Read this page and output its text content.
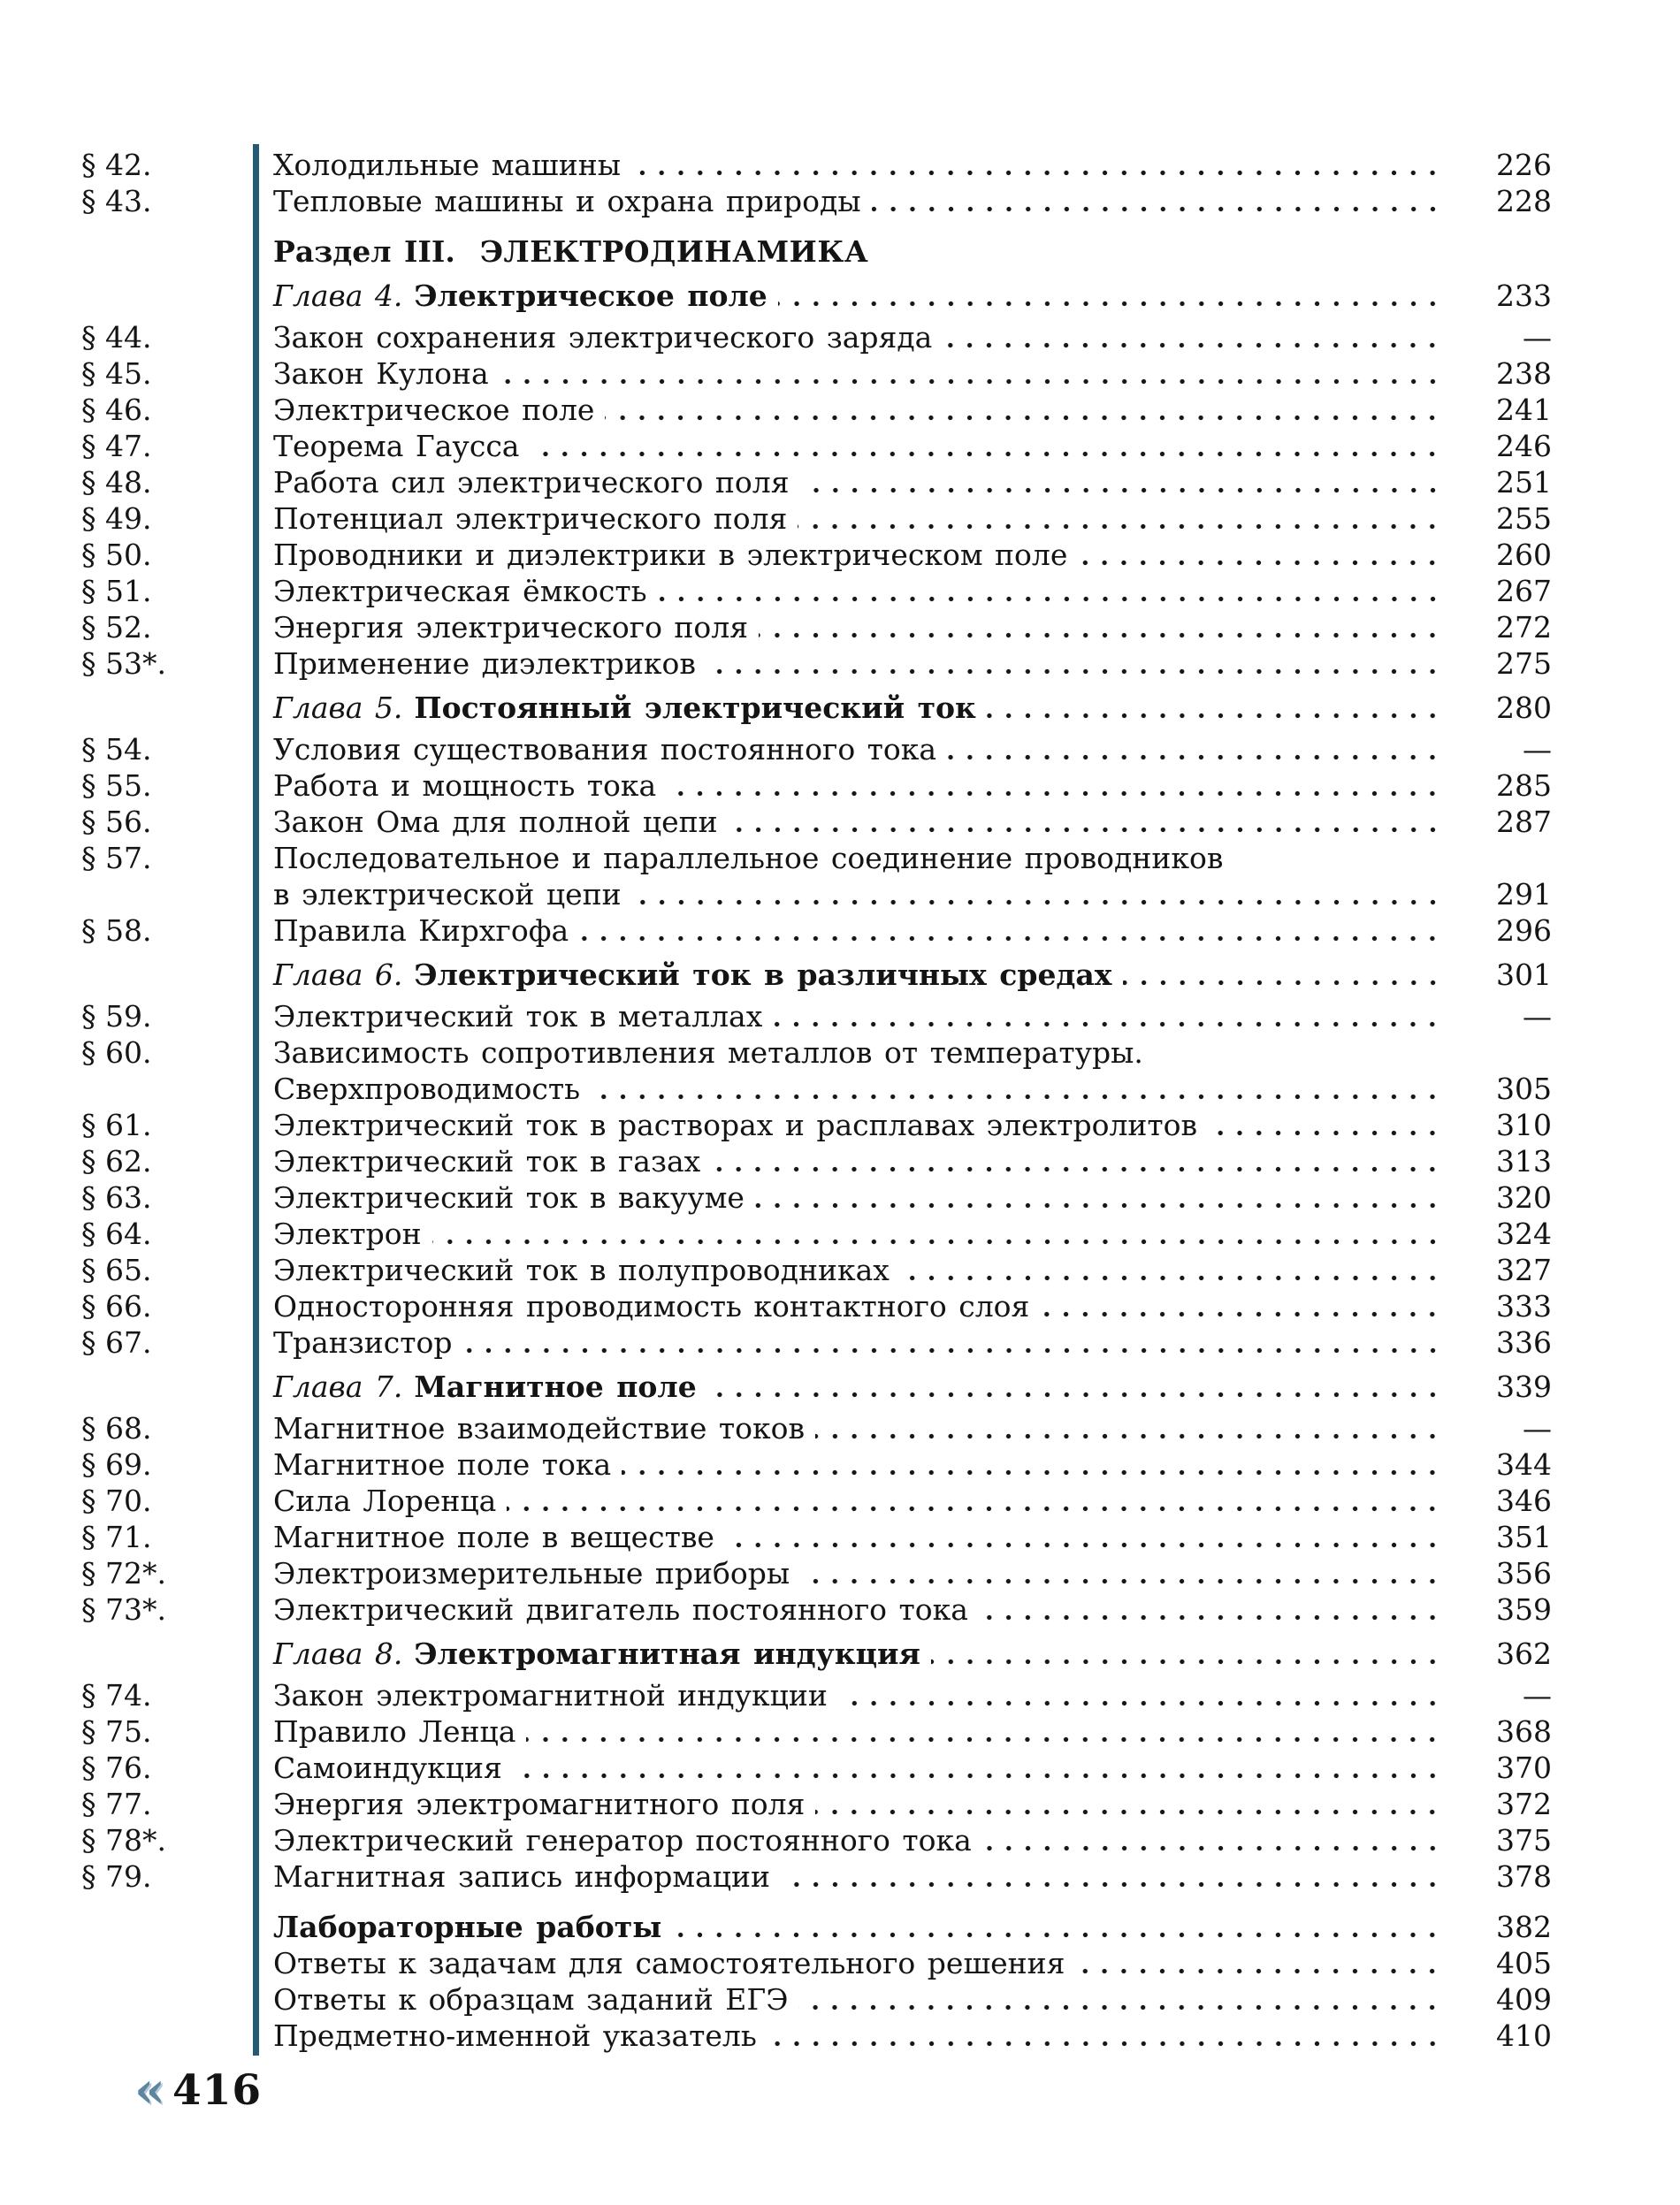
§ 42.	Холодильные машины	226
§ 43.	Тепловые машины и охрана природы	228
Раздел III. ЭЛЕКТРОДИНАМИКА
Глава 4. Электрическое поле	233
§ 44.	Закон сохранения электрического заряда	—
§ 45.	Закон Кулона	238
§ 46.	Электрическое поле	241
§ 47.	Теорема Гаусса	246
§ 48.	Работа сил электрического поля	251
§ 49.	Потенциал электрического поля	255
§ 50.	Проводники и диэлектрики в электрическом поле	260
§ 51.	Электрическая ёмкость	267
§ 52.	Энергия электрического поля	272
§ 53*.	Применение диэлектриков	275
Глава 5. Постоянный электрический ток	280
§ 54.	Условия существования постоянного тока	—
§ 55.	Работа и мощность тока	285
§ 56.	Закон Ома для полной цепи	287
§ 57.	Последовательное и параллельное соединение проводников
в электрической цепи	291
§ 58.	Правила Кирхгофа	296
Глава 6. Электрический ток в различных средах	301
§ 59.	Электрический ток в металлах	—
§ 60.	Зависимость сопротивления металлов от температуры.
Сверхпроводимость	305
§ 61.	Электрический ток в растворах и расплавах электролитов	310
§ 62.	Электрический ток в газах	313
§ 63.	Электрический ток в вакууме	320
§ 64.	Электрон	324
§ 65.	Электрический ток в полупроводниках	327
§ 66.	Односторонняя проводимость контактного слоя	333
§ 67.	Транзистор	336
Глава 7. Магнитное поле	339
§ 68.	Магнитное взаимодействие токов	—
§ 69.	Магнитное поле тока	344
§ 70.	Сила Лоренца	346
§ 71.	Магнитное поле в веществе	351
§ 72*.	Электроизмерительные приборы	356
§ 73*.	Электрический двигатель постоянного тока	359
Глава 8. Электромагнитная индукция	362
§ 74.	Закон электромагнитной индукции	—
§ 75.	Правило Ленца	368
§ 76.	Самоиндукция	370
§ 77.	Энергия электромагнитного поля	372
§ 78*.	Электрический генератор постоянного тока	375
§ 79.	Магнитная запись информации	378
Лабораторные работы	382
Ответы к задачам для самостоятельного решения	405
Ответы к образцам заданий ЕГЭ	409
Предметно-именной указатель	410
« 416
